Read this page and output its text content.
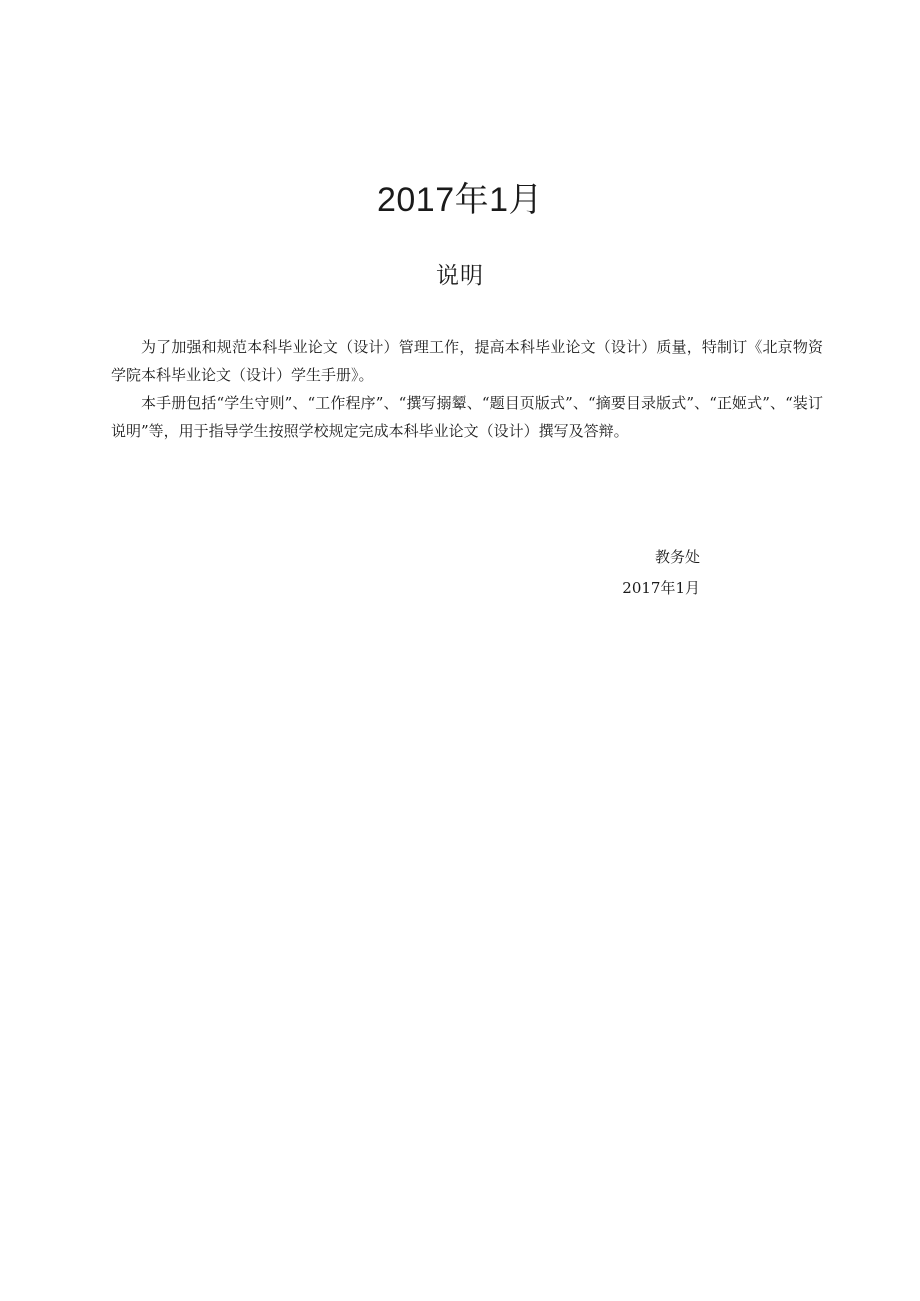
2017年1月
说明

为了加强和规范本科毕业论文（设计）管理工作，提高本科毕业论文（设计）质量，特制订《北京物资学院本科毕业论文（设计）学生手册》。

本手册包括“学生守则”、“工作程序”、“撰写搦颦、“题目页版式”、“摘要目录版式”、“正姬式”、“装订说明”等，用于指导学生按照学校规定完成本科毕业论文（设计）撰写及答辩。

教务处
2017年1月
